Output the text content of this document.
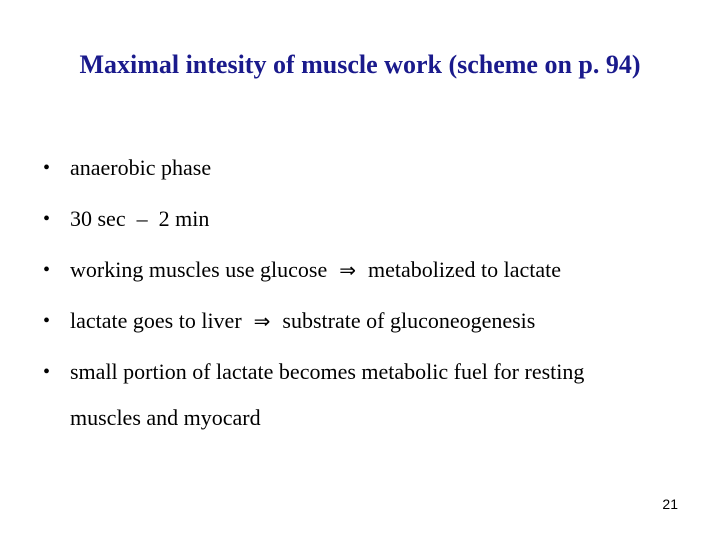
Maximal intesity of muscle work (scheme on p. 94)
• anaerobic phase
• 30 sec  –  2 min
• working muscles use glucose ⇒ metabolized to lactate
• lactate goes to liver ⇒ substrate of gluconeogenesis
• small portion of lactate becomes metabolic fuel for resting
muscles and myocard
21
